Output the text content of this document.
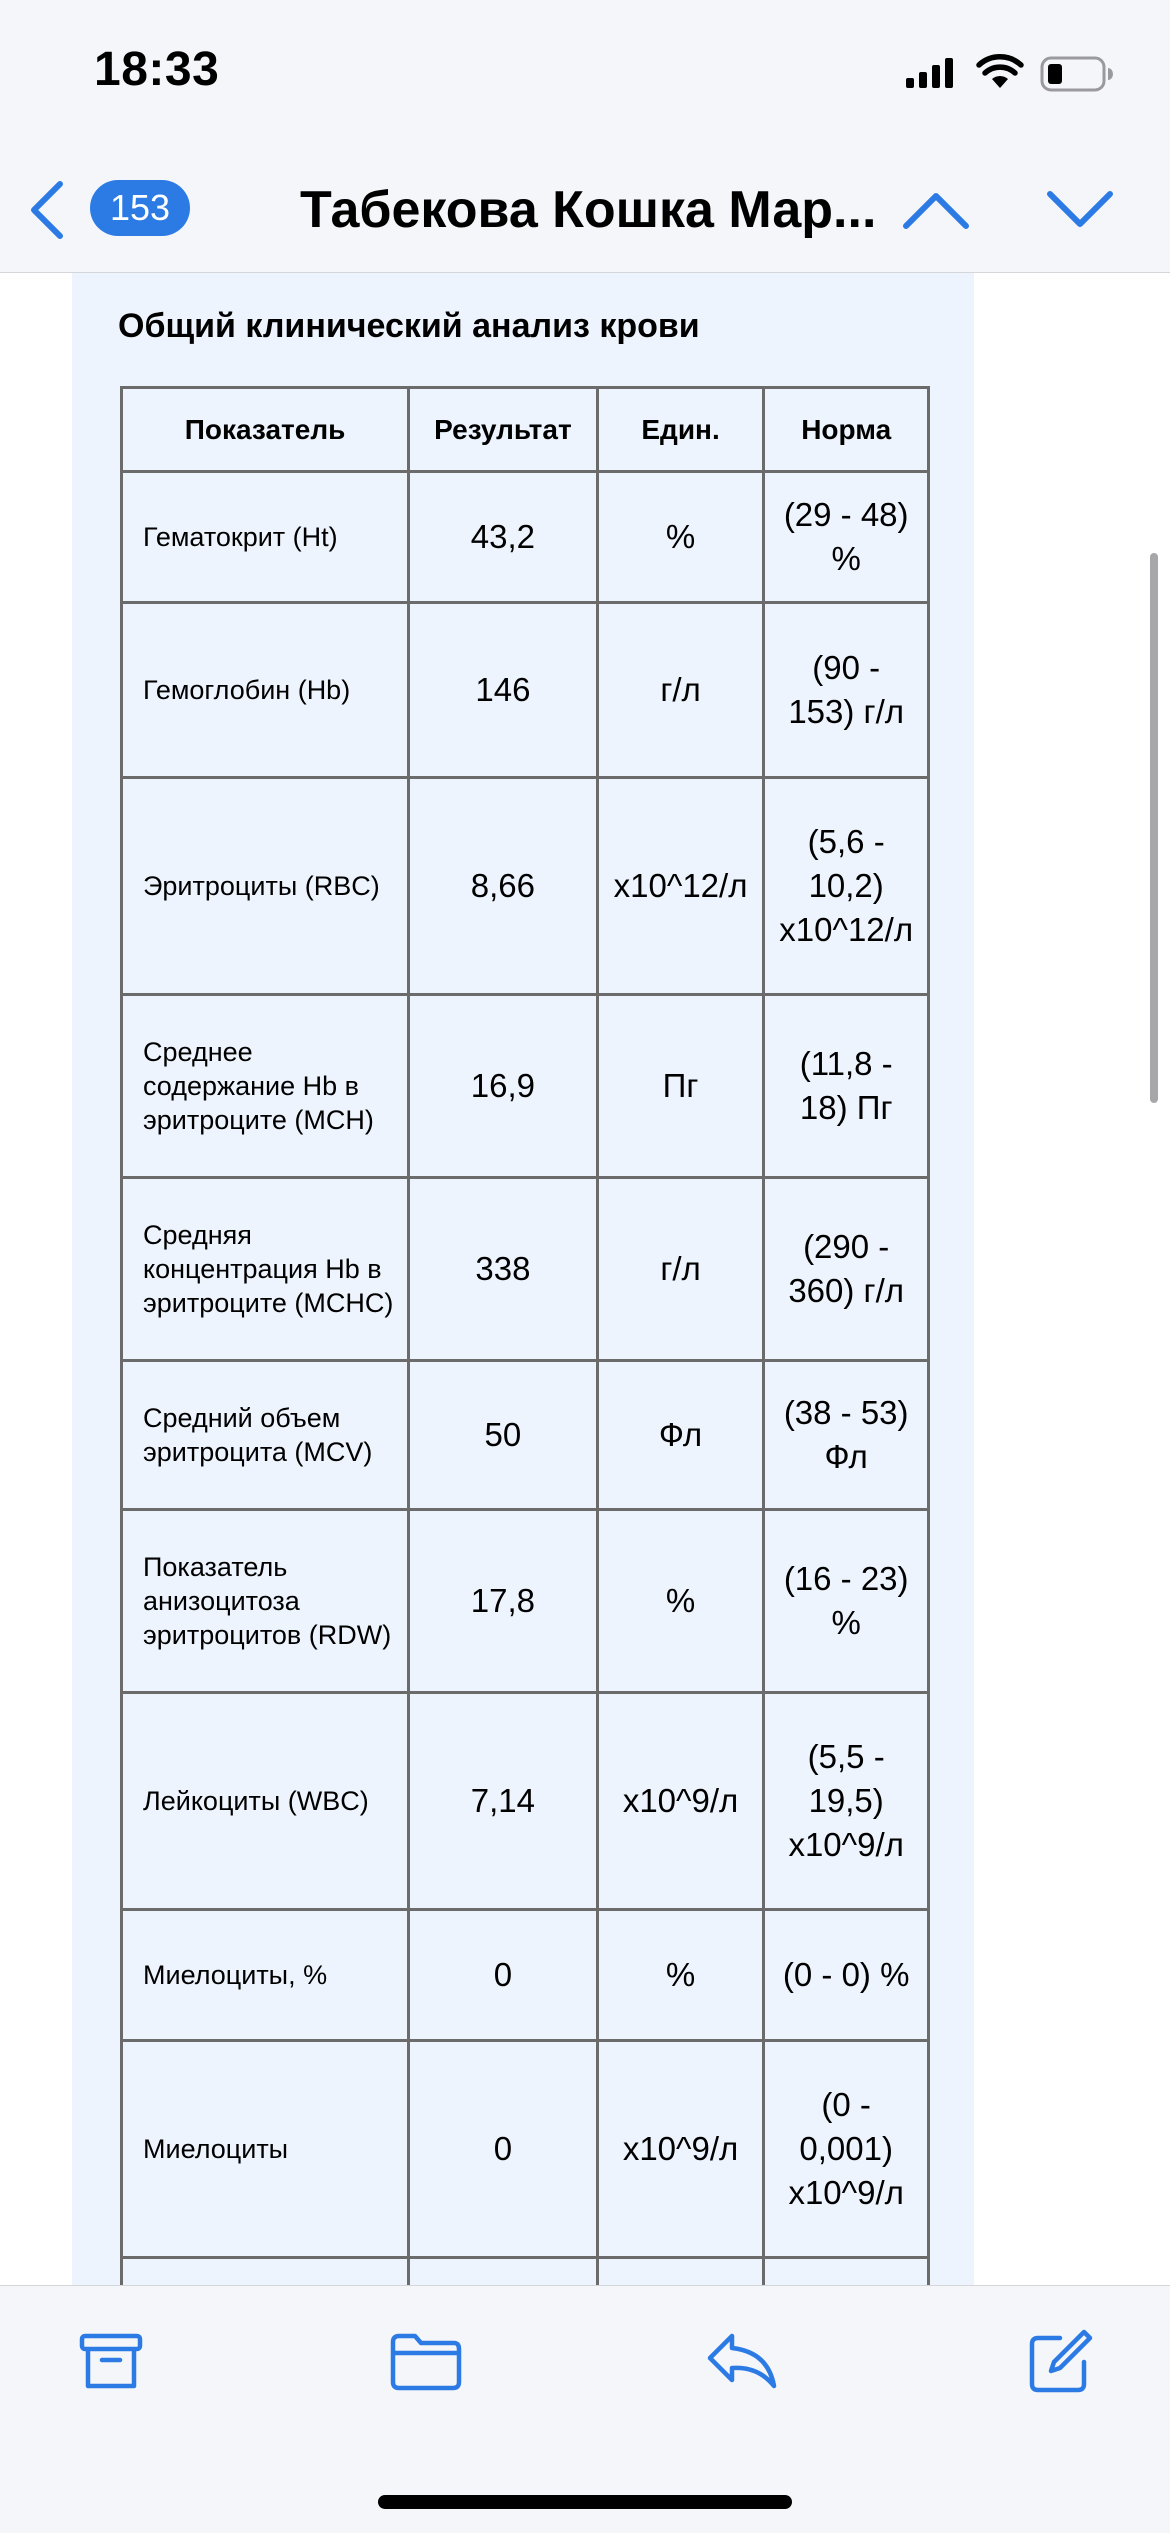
18:33
153	Табекова Кошка Мар...
Общий клинический анализ крови
Показатель	Результат	Един.	Норма
Гематокрит (Ht)	43,2	%	(29 - 48) %
Гемоглобин (Hb)	146	г/л	(90 - 153) г/л
Эритроциты (RBC)	8,66	x10^12/л	(5,6 - 10,2) x10^12/л
Среднее содержание Hb в эритроците (MCH)	16,9	Пг	(11,8 - 18) Пг
Средняя концентрация Hb в эритроците (MCHC)	338	г/л	(290 - 360) г/л
Средний объем эритроцита (MCV)	50	Фл	(38 - 53) Фл
Показатель анизоцитоза эритроцитов (RDW)	17,8	%	(16 - 23) %
Лейкоциты (WBC)	7,14	x10^9/л	(5,5 - 19,5) x10^9/л
Миелоциты, %	0	%	(0 - 0) %
Миелоциты	0	x10^9/л	(0 - 0,001) x10^9/л
